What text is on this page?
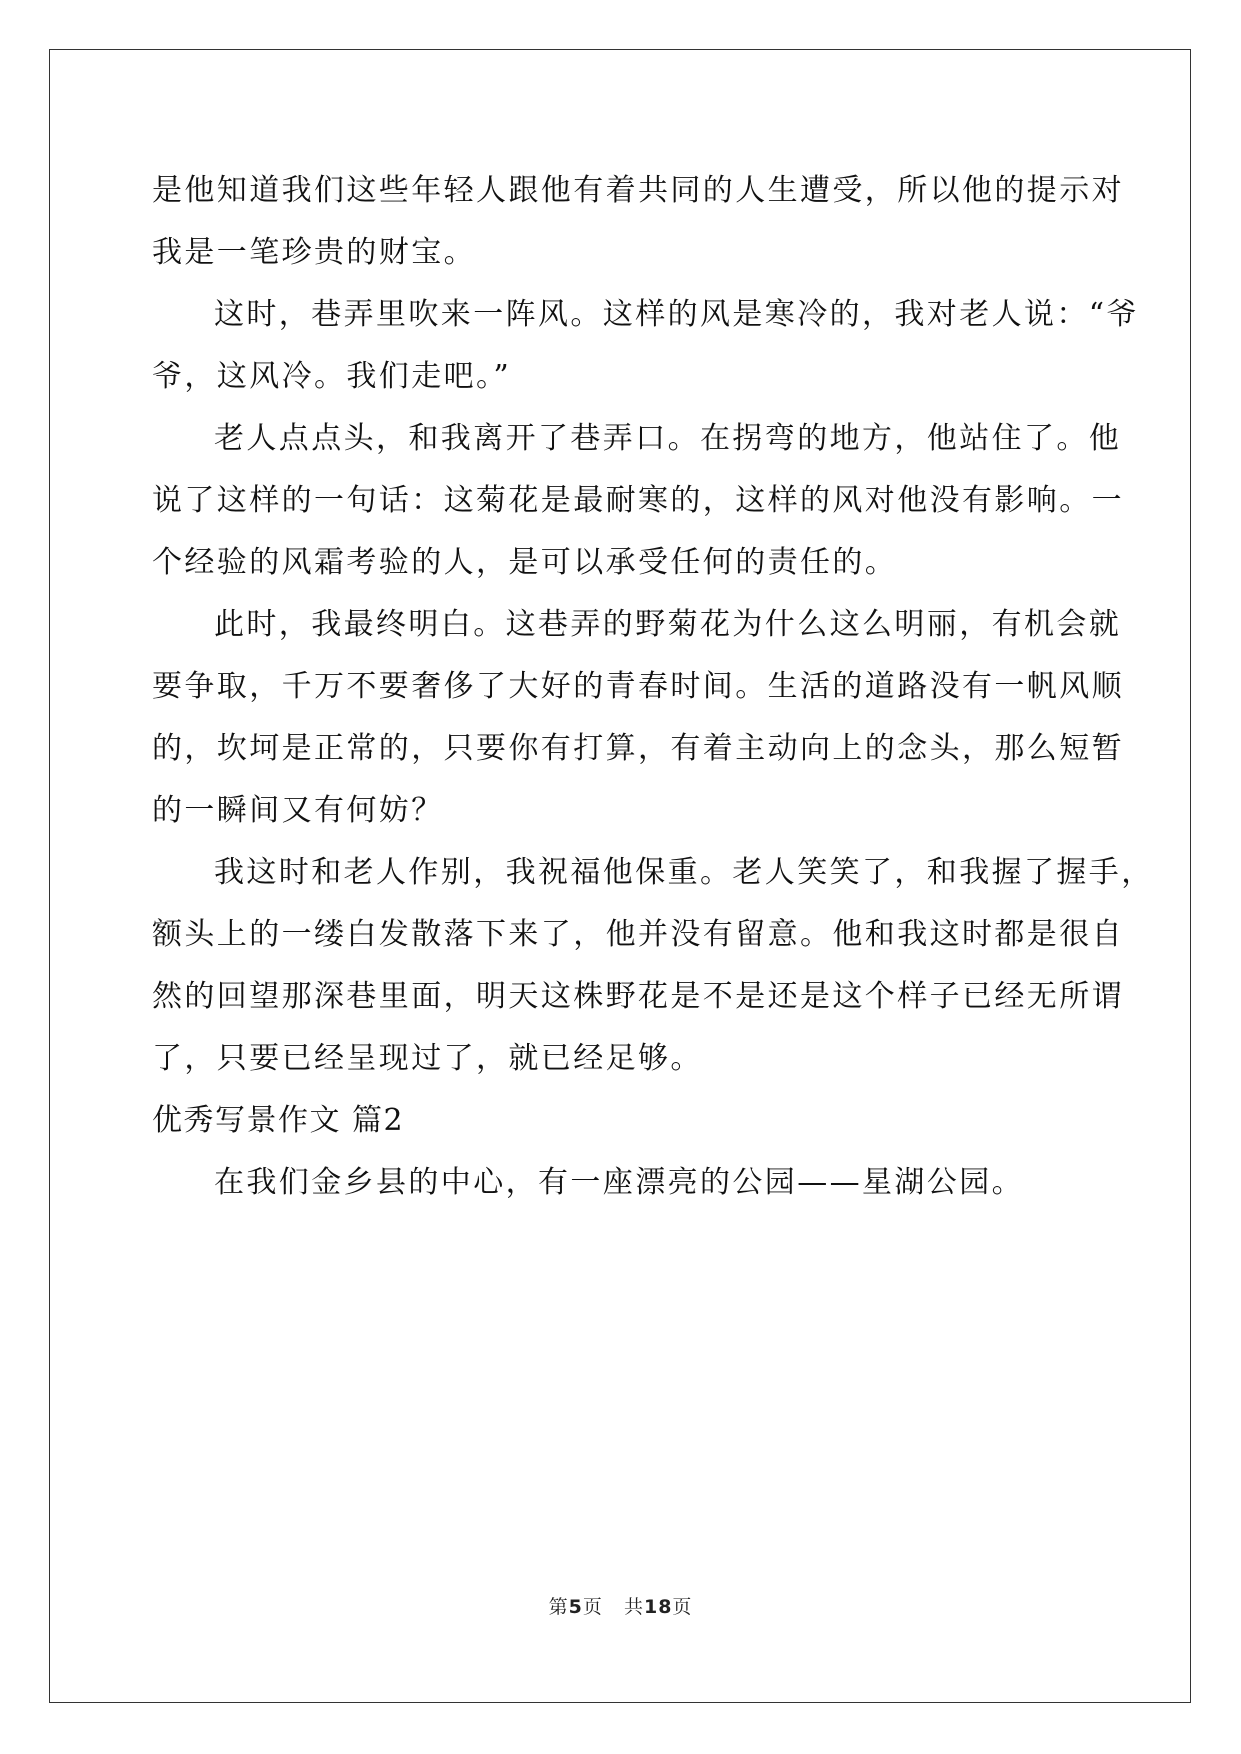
是他知道我们这些年轻人跟他有着共同的人生遭受，所以他的提示对
我是一笔珍贵的财宝。
这时，巷弄里吹来一阵风。这样的风是寒冷的，我对老人说：“爷
爷，这风冷。我们走吧。”
老人点点头，和我离开了巷弄口。在拐弯的地方，他站住了。他
说了这样的一句话：这菊花是最耐寒的，这样的风对他没有影响。一
个经验的风霜考验的人，是可以承受任何的责任的。
此时，我最终明白。这巷弄的野菊花为什么这么明丽，有机会就
要争取，千万不要奢侈了大好的青春时间。生活的道路没有一帆风顺
的，坎坷是正常的，只要你有打算，有着主动向上的念头，那么短暂
的一瞬间又有何妨？
我这时和老人作别，我祝福他保重。老人笑笑了，和我握了握手，
额头上的一缕白发散落下来了，他并没有留意。他和我这时都是很自
然的回望那深巷里面，明天这株野花是不是还是这个样子已经无所谓
了，只要已经呈现过了，就已经足够。
优秀写景作文 篇2
在我们金乡县的中心，有一座漂亮的公园——星湖公园。
第5页 共18页
